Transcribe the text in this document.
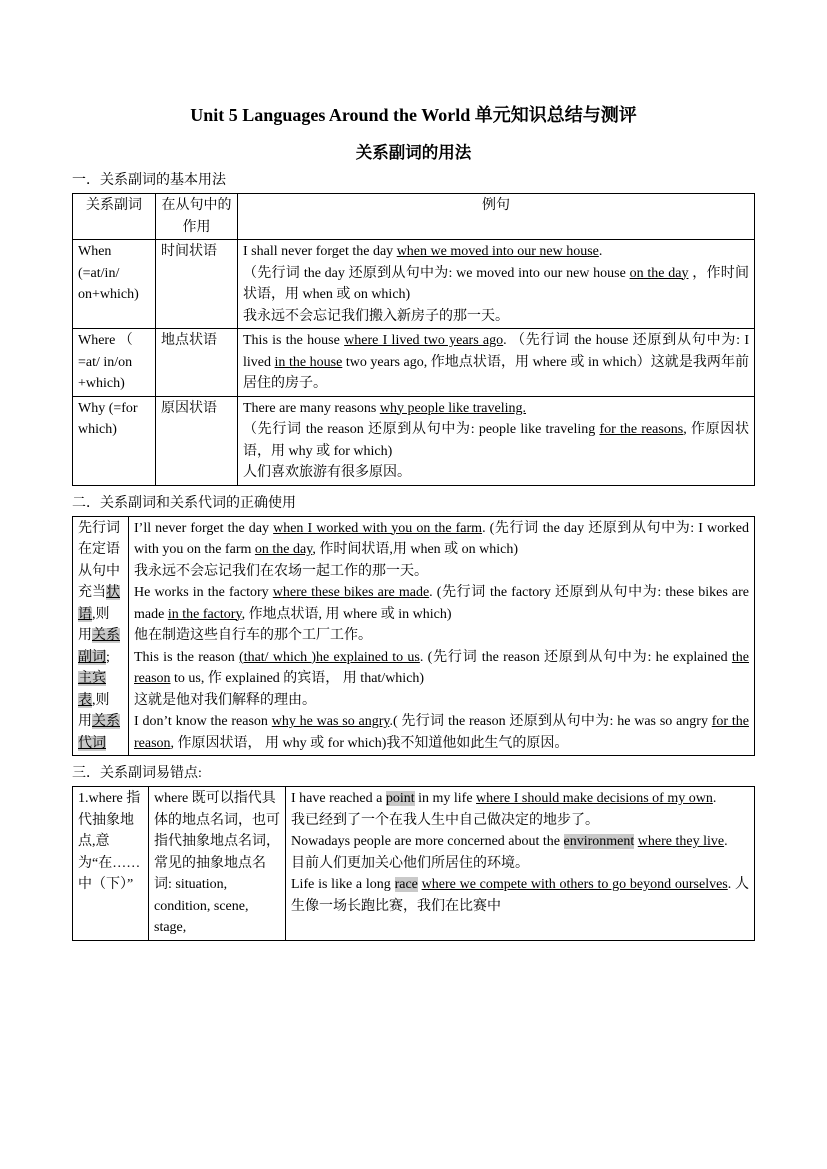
Unit 5 Languages Around the World 单元知识总结与测评
关系副词的用法
一．关系副词的基本用法
关系副词	在从句中的作用	例句
When (=at/in/ on+which)	时间状语	I shall never forget the day when we moved into our new house.
（先行词 the day 还原到从句中为: we moved into our new house on the day ，作时间状语，用 when 或 on which)
我永远不会忘记我们搬入新房子的那一天。

Where （ =at/ in/on +which)	地点状语	This is the house where I lived two years ago. （先行词 the house 还原到从句中为: I lived in the house two years ago, 作地点状语，用 where 或 in which）这就是我两年前居住的房子。

Why (=for which)	原因状语	There are many reasons why people like traveling.
（先行词 the reason 还原到从句中为: people like traveling for the reasons, 作原因状语，用 why 或 for which)
人们喜欢旅游有很多原因。
二．关系副词和关系代词的正确使用
先行词在定语从句中充当状语,则用关系副词; 主宾表,则用关系代词

I’ll never forget the day when I worked with you on the farm. (先行词 the day 还原到从句中为: I worked with you on the farm on the day, 作时间状语,用 when 或 on which)
我永远不会忘记我们在农场一起工作的那一天。
He works in the factory where these bikes are made. (先行词 the factory 还原到从句中为: these bikes are made in the factory, 作地点状语, 用 where 或 in which)
他在制造这些自行车的那个工厂工作。
This is the reason (that/ which )he explained to us. (先行词 the reason 还原到从句中为: he explained the reason to us, 作 explained 的宾语， 用 that/which)
这就是他对我们解释的理由。
I don’t know the reason why he was so angry.( 先行词 the reason 还原到从句中为: he was so angry for the reason, 作原因状语， 用 why 或 for which)我不知道他如此生气的原因。
三．关系副词易错点:
1.where 指代抽象地点,意为“在……中（下）”	where 既可以指代具体的地点名词，也可指代抽象地点名词，常见的抽象地点名词: situation, condition, scene, stage,	
I have reached a point in my life where I should make decisions of my own.
我已经到了一个在我人生中自己做决定的地步了。
Nowadays people are more concerned about the environment where they live.
目前人们更加关心他们所居住的环境。
Life is like a long race where we compete with others to go beyond ourselves. 人生像一场长跑比赛，我们在比赛中
